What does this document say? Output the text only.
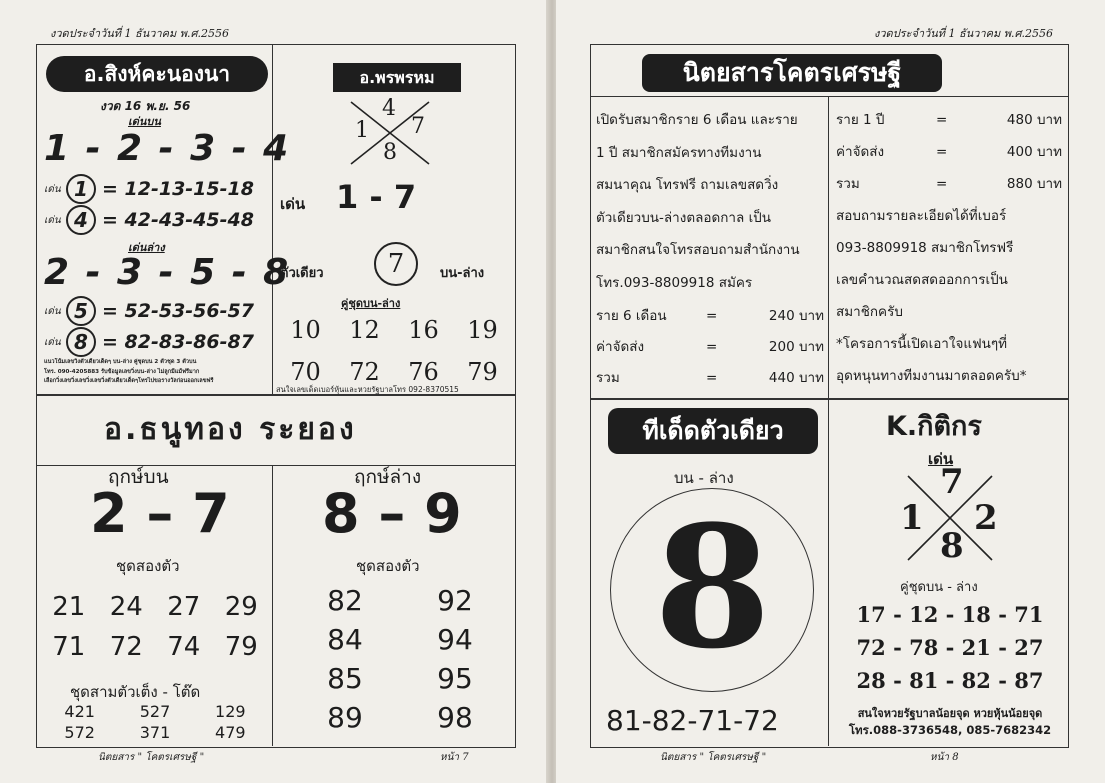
งวดประจำวันที่ 1 ธันวาคม พ.ศ.2556
อ.สิงห์คะนองนา
งวด 16 พ.ย. 56
เด่นบน
1 - 2 - 3 - 4
เด่น 1 = 12-13-15-18
เด่น 4 = 42-43-45-48
เด่นล่าง
2 - 3 - 5 - 8
เด่น 5 = 52-53-56-57
เด่น 8 = 82-83-86-87
แนวโน้มเลขวิ่งตัวเดียวเด็ดๆ บน-ล่าง คู่ชุดบน 2 ตัวชุด 3 ตัวบน
โทร. 090-4205883 รับข้อมูลเลขวิ่งบน-ล่าง ไม่ลูกมีแม้ฟรีมาก
เลือกวิ่งเลขวิ่งเลขวิ่งเลขวิ่งตัวเดียวเด็ดๆโทรไปขอรางวัลก่อนออกเลขฟรี
อ.พรพรหม
4
1 7
8
เด่น 1 - 7
ตัวเดียว	7	บน-ล่าง
คู่ชุดบน-ล่าง
10	12	16	19
70	72	76	79
สนใจเลขเด็ดเบอร์หุ้นและหวยรัฐบาลโทร 092-8370515
อ.ธนูทอง ระยอง
ฤกษ์บน
2 – 7
ฤกษ์ล่าง
8 – 9
ชุดสองตัว	ชุดสองตัว
21 24 27 29
71 72 74 79
82	92
84	94
85	95
89	98
ชุดสามตัวเต็ง - โต๊ด
421	527	129
572	371	479
นิตยสาร " โคตรเศรษฐี "	หน้า 7
งวดประจำวันที่ 1 ธันวาคม พ.ศ.2556
นิตยสารโคตรเศรษฐี
เปิดรับสมาชิกราย 6 เดือน และราย
1 ปี สมาชิกสมัครทางทีมงาน
สมนาคุณ โทรฟรี ถามเลขสดวิ่ง
ตัวเดียวบน-ล่างตลอดกาล เป็น
สมาชิกสนใจโทรสอบถามสำนักงาน
โทร.093-8809918 สมัคร
ราย 6 เดือน	=	240 บาท
ค่าจัดส่ง	=	200 บาท
รวม	=	440 บาท
ราย 1 ปี	=	480 บาท
ค่าจัดส่ง	=	400 บาท
รวม	=	880 บาท
สอบถามรายละเอียดได้ที่เบอร์
093-8809918 สมาชิกโทรฟรี
เลขคำนวณสดสดออกการเป็น
สมาชิกครับ
*โครอการนี้เปิดเอาใจแฟนๆที่
อุดหนุนทางทีมงานมาตลอดครับ*
ทีเด็ดตัวเดียว
บน - ล่าง
8
81-82-71-72
K.กิติกร
เด่น
7
1 2
8
คู่ชุดบน - ล่าง
17 - 12 - 18 - 71
72 - 78 - 21 - 27
28 - 81 - 82 - 87
สนใจหวยรัฐบาลน้อยจุด หวยหุ้นน้อยจุด
โทร.088-3736548, 085-7682342
นิตยสาร " โคตรเศรษฐี "	หน้า 8
